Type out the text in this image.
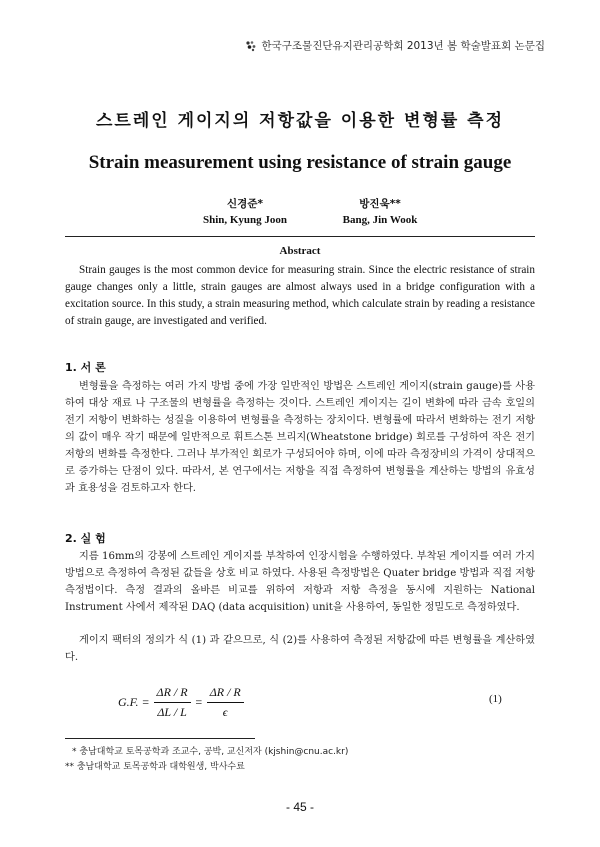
한국구조물진단유지관리공학회 2013년 봄 학술발표회 논문집
스트레인 게이지의 저항값을 이용한 변형률 측정
Strain measurement using resistance of strain gauge
신경준*
Shin, Kyung Joon
방진욱**
Bang, Jin Wook
Abstract
Strain gauges is the most common device for measuring strain. Since the electric resistance of strain gauge changes only a little, strain gauges are almost always used in a bridge configuration with a excitation source. In this study, a strain measuring method, which calculate strain by reading a resistance of strain gauge, are investigated and verified.
1. 서 론
변형률을 측정하는 여러 가지 방법 중에 가장 일반적인 방법은 스트레인 게이지(strain gauge)를 사용하여 대상 재료 나 구조물의 변형률을 측정하는 것이다. 스트레인 게이지는 길이 변화에 따라 금속 호일의 전기 저항이 변화하는 성질을 이용하여 변형률을 측정하는 장치이다. 변형률에 따라서 변화하는 전기 저항의 값이 매우 작기 때문에 일반적으로 휘트스톤 브리지(Wheatstone bridge) 회로를 구성하여 작은 전기 저항의 변화를 측정한다. 그러나 부가적인 회로가 구성되어야 하며, 이에 따라 측정장비의 가격이 상대적으로 증가하는 단점이 있다. 따라서, 본 연구에서는 저항을 직접 측정하여 변형률을 계산하는 방법의 유효성과 효용성을 검토하고자 한다.
2. 실 험
지름 16mm의 강봉에 스트레인 게이지를 부착하여 인장시험을 수행하였다. 부착된 게이지를 여러 가지 방법으로 측정하여 측정된 값들을 상호 비교 하였다. 사용된 측정방법은 Quater bridge 방법과 직접 저항측정법이다. 측정 결과의 올바른 비교를 위하여 저항과 저항 측정을 동시에 지원하는 National Instrument 사에서 제작된 DAQ (data acquisition) unit을 사용하여, 동일한 정밀도로 측정하였다.
게이지 팩터의 정의가 식 (1) 과 같으므로, 식 (2)를 사용하여 측정된 저항값에 따른 변형률을 계산하였다.
G.F. = $\frac{\Delta R / R}{\Delta L / L} = \frac{\Delta R / R}{\epsilon}$	(1)
* 충남대학교 토목공학과 조교수, 공박, 교신저자 (kjshin@cnu.ac.kr)
** 충남대학교 토목공학과 대학원생, 박사수료
- 45 -
